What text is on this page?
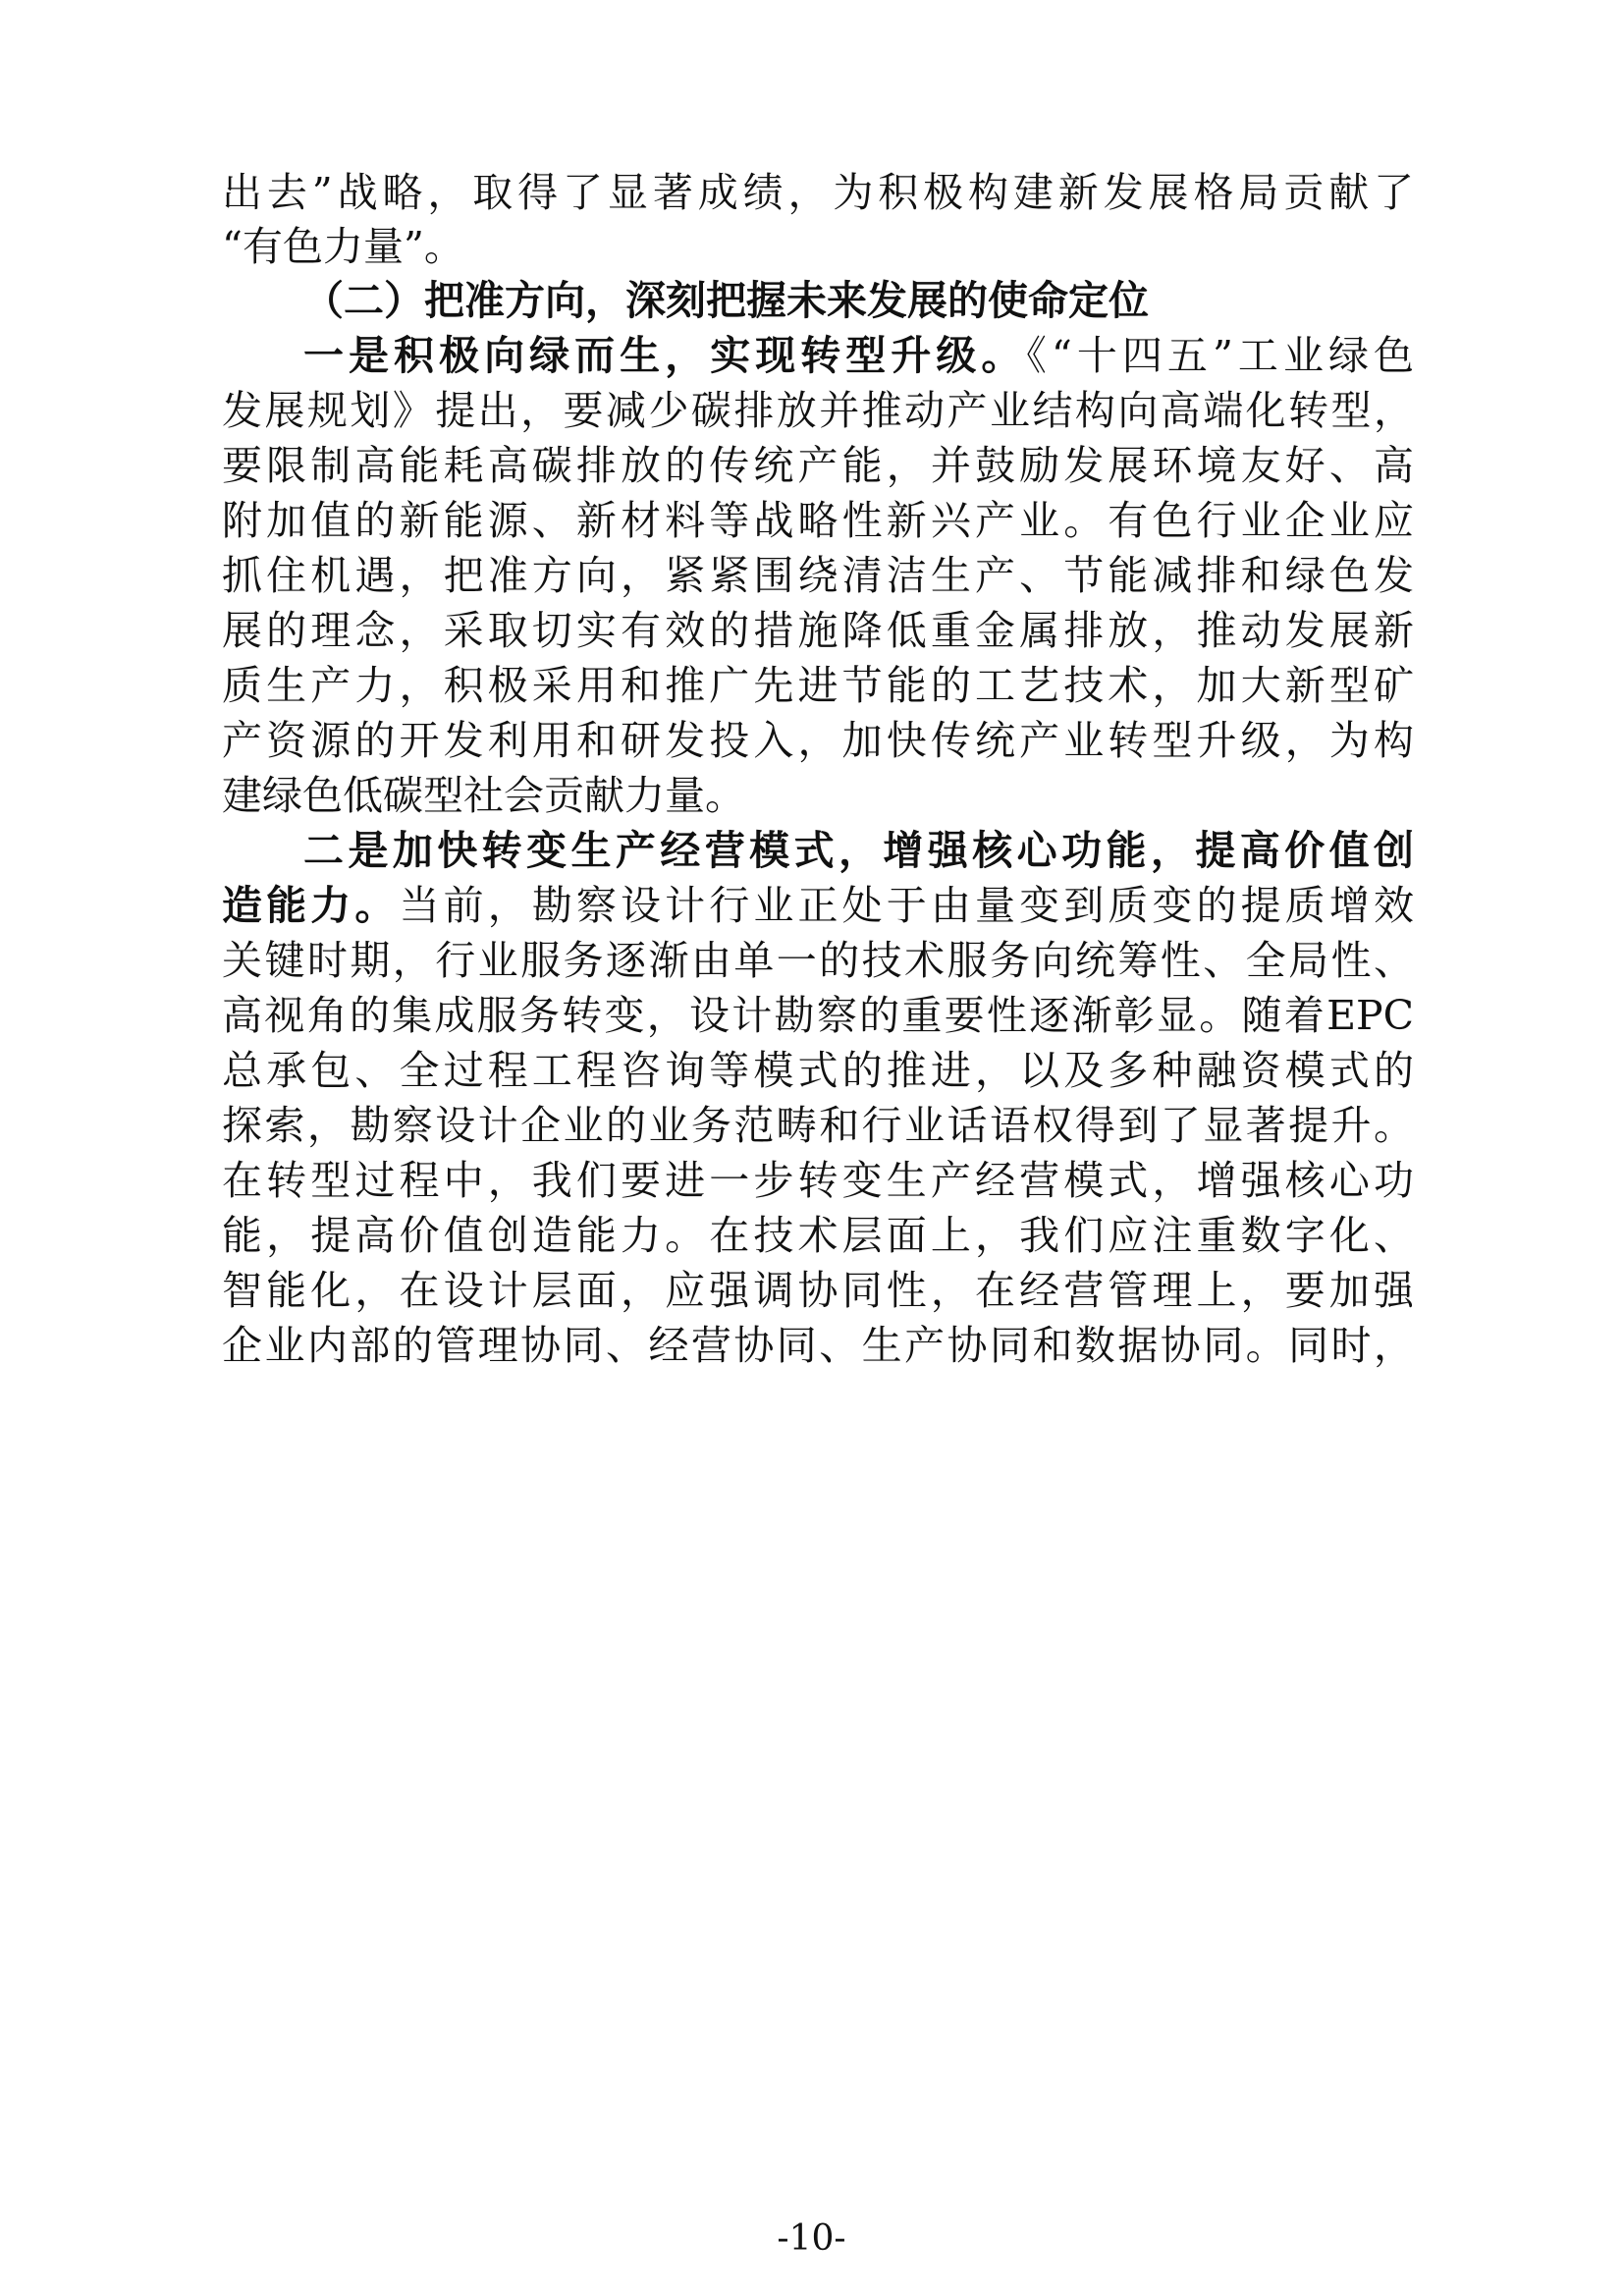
出去”战略，取得了显著成绩，为积极构建新发展格局贡献了
“有色力量”。
（二）把准方向，深刻把握未来发展的使命定位
一是积极向绿而生，实现转型升级。《“十四五”工业绿色
发展规划》提出，要减少碳排放并推动产业结构向高端化转型，
要限制高能耗高碳排放的传统产能，并鼓励发展环境友好、高
附加值的新能源、新材料等战略性新兴产业。有色行业企业应
抓住机遇，把准方向，紧紧围绕清洁生产、节能减排和绿色发
展的理念，采取切实有效的措施降低重金属排放，推动发展新
质生产力，积极采用和推广先进节能的工艺技术，加大新型矿
产资源的开发利用和研发投入，加快传统产业转型升级，为构
建绿色低碳型社会贡献力量。
二是加快转变生产经营模式，增强核心功能，提高价值创
造能力。当前，勘察设计行业正处于由量变到质变的提质增效
关键时期，行业服务逐渐由单一的技术服务向统筹性、全局性、
高视角的集成服务转变，设计勘察的重要性逐渐彰显。随着EPC
总承包、全过程工程咨询等模式的推进，以及多种融资模式的
探索，勘察设计企业的业务范畴和行业话语权得到了显著提升。
在转型过程中，我们要进一步转变生产经营模式，增强核心功
能，提高价值创造能力。在技术层面上，我们应注重数字化、
智能化，在设计层面，应强调协同性，在经营管理上，要加强
企业内部的管理协同、经营协同、生产协同和数据协同。同时，
-10-
